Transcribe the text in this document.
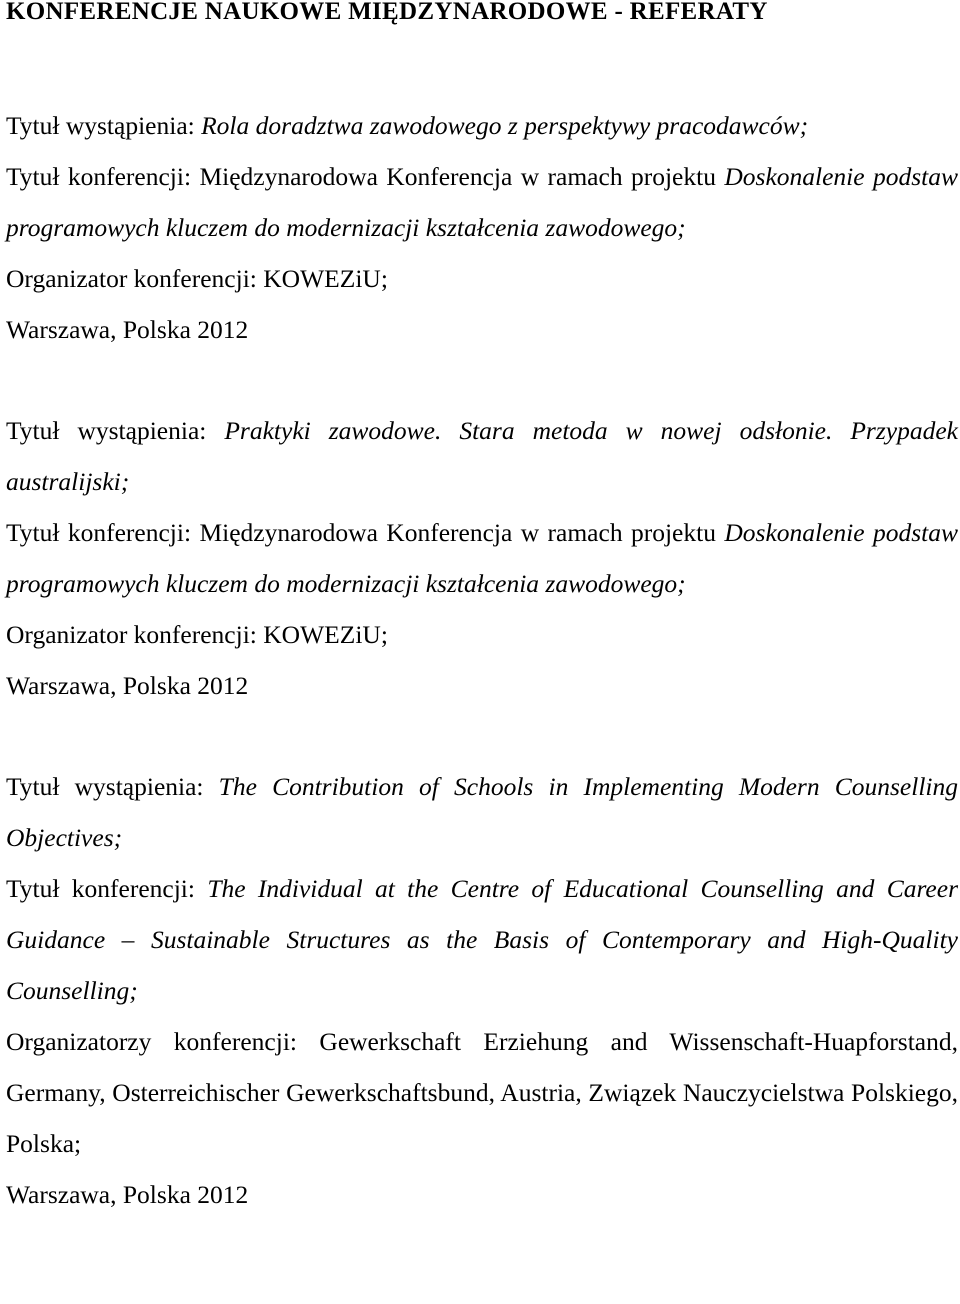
KONFERENCJE NAUKOWE MIĘDZYNARODOWE - REFERATY

Tytuł wystąpienia: Rola doradztwa zawodowego z perspektywy pracodawców;

Tytuł konferencji: Międzynarodowa Konferencja w ramach projektu Doskonalenie podstaw programowych kluczem do modernizacji kształcenia zawodowego;

Organizator konferencji: KOWEZiU;

Warszawa, Polska 2012

Tytuł wystąpienia: Praktyki zawodowe. Stara metoda w nowej odsłonie. Przypadek australijski;

Tytuł konferencji: Międzynarodowa Konferencja w ramach projektu Doskonalenie podstaw programowych kluczem do modernizacji kształcenia zawodowego;

Organizator konferencji: KOWEZiU;

Warszawa, Polska 2012

Tytuł wystąpienia: The Contribution of Schools in Implementing Modern Counselling Objectives;

Tytuł konferencji: The Individual at the Centre of Educational Counselling and Career Guidance – Sustainable Structures as the Basis of Contemporary and High-Quality Counselling;

Organizatorzy konferencji: Gewerkschaft Erziehung and Wissenschaft-Huapforstand, Germany, Osterreichischer Gewerkschaftsbund, Austria, Związek Nauczycielstwa Polskiego, Polska;

Warszawa, Polska 2012
